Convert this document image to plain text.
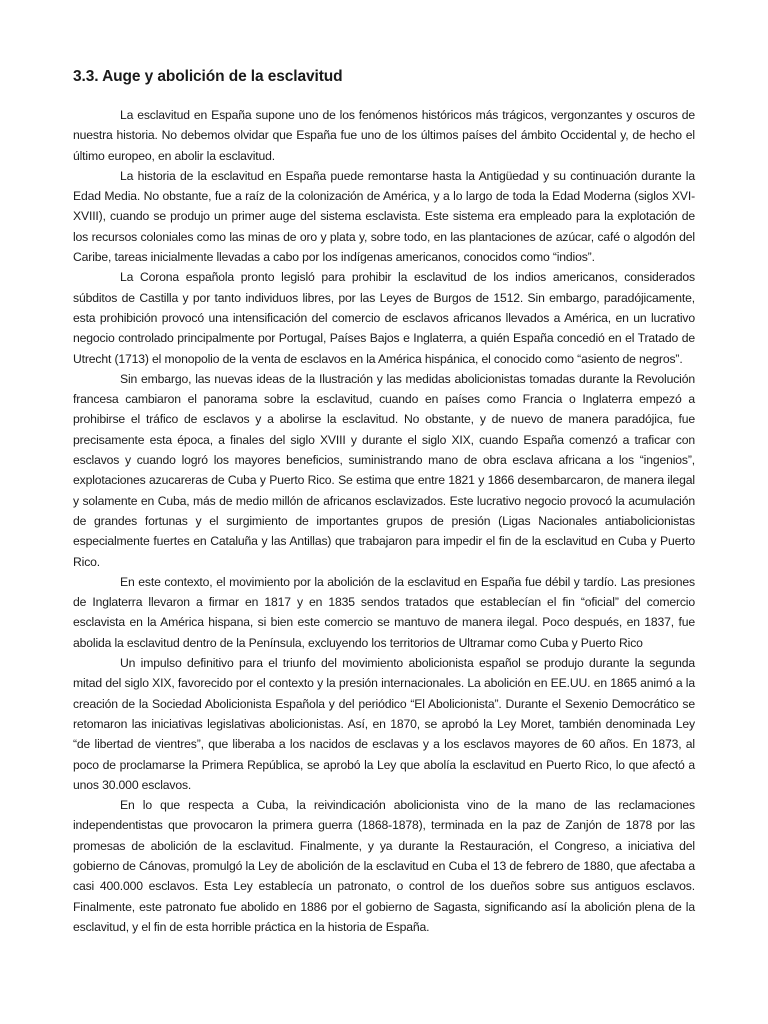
3.3. Auge y abolición de la esclavitud

La esclavitud en España supone uno de los fenómenos históricos más trágicos, vergonzantes y oscuros de nuestra historia. No debemos olvidar que España fue uno de los últimos países del ámbito Occidental y, de hecho el último europeo, en abolir la esclavitud.

La historia de la esclavitud en España puede remontarse hasta la Antigüedad y su continuación durante la Edad Media. No obstante, fue a raíz de la colonización de América, y a lo largo de toda la Edad Moderna (siglos XVI-XVIII), cuando se produjo un primer auge del sistema esclavista. Este sistema era empleado para la explotación de los recursos coloniales como las minas de oro y plata y, sobre todo, en las plantaciones de azúcar, café o algodón del Caribe, tareas inicialmente llevadas a cabo por los indígenas americanos, conocidos como “indios”.

La Corona española pronto legisló para prohibir la esclavitud de los indios americanos, considerados súbditos de Castilla y por tanto individuos libres, por las Leyes de Burgos de 1512. Sin embargo, paradójicamente, esta prohibición provocó una intensificación del comercio de esclavos africanos llevados a América, en un lucrativo negocio controlado principalmente por Portugal, Países Bajos e Inglaterra, a quién España concedió en el Tratado de Utrecht (1713) el monopolio de la venta de esclavos en la América hispánica, el conocido como “asiento de negros”.

Sin embargo, las nuevas ideas de la Ilustración y las medidas abolicionistas tomadas durante la Revolución francesa cambiaron el panorama sobre la esclavitud, cuando en países como Francia o Inglaterra empezó a prohibirse el tráfico de esclavos y a abolirse la esclavitud. No obstante, y de nuevo de manera paradójica, fue precisamente esta época, a finales del siglo XVIII y durante el siglo XIX, cuando España comenzó a traficar con esclavos y cuando logró los mayores beneficios, suministrando mano de obra esclava africana a los “ingenios”, explotaciones azucareras de Cuba y Puerto Rico. Se estima que entre 1821 y 1866 desembarcaron, de manera ilegal y solamente en Cuba, más de medio millón de africanos esclavizados. Este lucrativo negocio provocó la acumulación de grandes fortunas y el surgimiento de importantes grupos de presión (Ligas Nacionales antiabolicionistas especialmente fuertes en Cataluña y las Antillas) que trabajaron para impedir el fin de la esclavitud en Cuba y Puerto Rico.

En este contexto, el movimiento por la abolición de la esclavitud en España fue débil y tardío. Las presiones de Inglaterra llevaron a firmar en 1817 y en 1835 sendos tratados que establecían el fin “oficial” del comercio esclavista en la América hispana, si bien este comercio se mantuvo de manera ilegal. Poco después, en 1837, fue abolida la esclavitud dentro de la Península, excluyendo los territorios de Ultramar como Cuba y Puerto Rico

Un impulso definitivo para el triunfo del movimiento abolicionista español se produjo durante la segunda mitad del siglo XIX, favorecido por el contexto y la presión internacionales. La abolición en EE.UU. en 1865 animó a la creación de la Sociedad Abolicionista Española y del periódico “El Abolicionista”. Durante el Sexenio Democrático se retomaron las iniciativas legislativas abolicionistas. Así, en 1870, se aprobó la Ley Moret, también denominada Ley “de libertad de vientres”, que liberaba a los nacidos de esclavas y a los esclavos mayores de 60 años. En 1873, al poco de proclamarse la Primera República, se aprobó la Ley que abolía la esclavitud en Puerto Rico, lo que afectó a unos 30.000 esclavos.

En lo que respecta a Cuba, la reivindicación abolicionista vino de la mano de las reclamaciones independentistas que provocaron la primera guerra (1868-1878), terminada en la paz de Zanjón de 1878 por las promesas de abolición de la esclavitud. Finalmente, y ya durante la Restauración, el Congreso, a iniciativa del gobierno de Cánovas, promulgó la Ley de abolición de la esclavitud en Cuba el 13 de febrero de 1880, que afectaba a casi 400.000 esclavos. Esta Ley establecía un patronato, o control de los dueños sobre sus antiguos esclavos. Finalmente, este patronato fue abolido en 1886 por el gobierno de Sagasta, significando así la abolición plena de la esclavitud, y el fin de esta horrible práctica en la historia de España.
